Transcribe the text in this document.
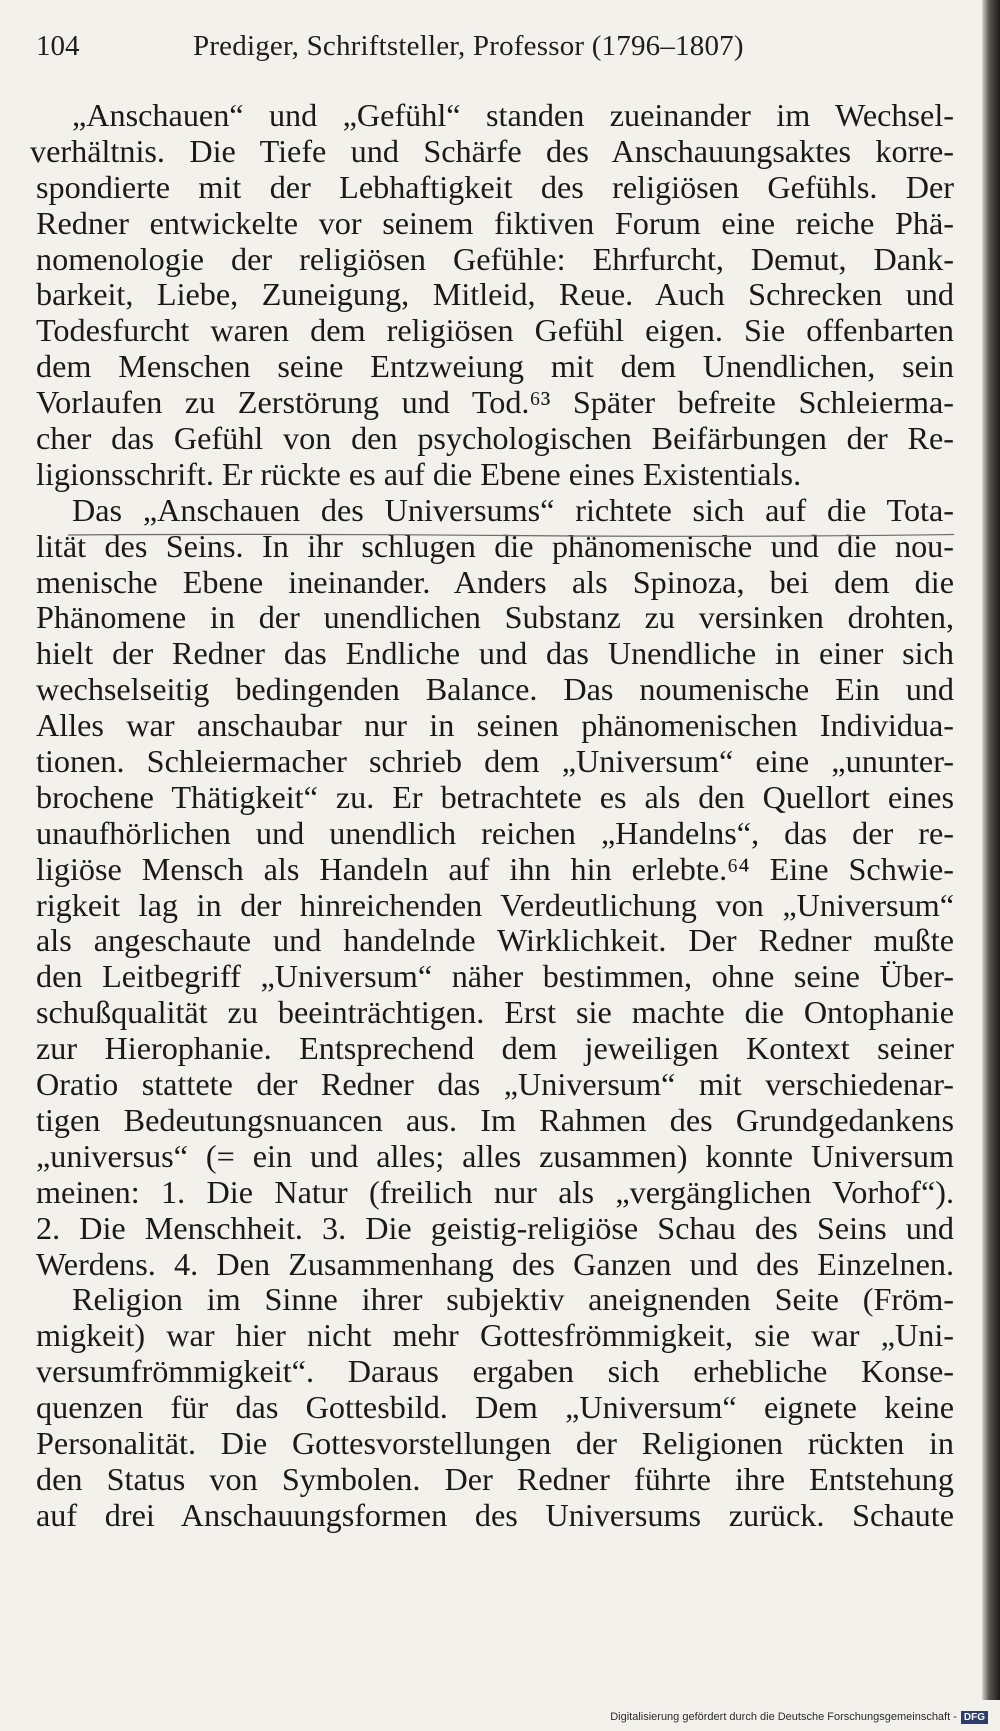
104	Prediger, Schriftsteller, Professor (1796–1807)
„Anschauen“ und „Gefühl“ standen zueinander im Wechsel-
verhältnis. Die Tiefe und Schärfe des Anschauungsaktes korre-
spondierte mit der Lebhaftigkeit des religiösen Gefühls. Der
Redner entwickelte vor seinem fiktiven Forum eine reiche Phä-
nomenologie der religiösen Gefühle: Ehrfurcht, Demut, Dank-
barkeit, Liebe, Zuneigung, Mitleid, Reue. Auch Schrecken und
Todesfurcht waren dem religiösen Gefühl eigen. Sie offenbarten
dem Menschen seine Entzweiung mit dem Unendlichen, sein
Vorlaufen zu Zerstörung und Tod.⁶³ Später befreite Schleierma-
cher das Gefühl von den psychologischen Beifärbungen der Re-
ligionsschrift. Er rückte es auf die Ebene eines Existentials.
Das „Anschauen des Universums“ richtete sich auf die Tota-
lität des Seins. In ihr schlugen die phänomenische und die nou-
menische Ebene ineinander. Anders als Spinoza, bei dem die
Phänomene in der unendlichen Substanz zu versinken drohten,
hielt der Redner das Endliche und das Unendliche in einer sich
wechselseitig bedingenden Balance. Das noumenische Ein und
Alles war anschaubar nur in seinen phänomenischen Individua-
tionen. Schleiermacher schrieb dem „Universum“ eine „ununter-
brochene Thätigkeit“ zu. Er betrachtete es als den Quellort eines
unaufhörlichen und unendlich reichen „Handelns“, das der re-
ligiöse Mensch als Handeln auf ihn hin erlebte.⁶⁴ Eine Schwie-
rigkeit lag in der hinreichenden Verdeutlichung von „Universum“
als angeschaute und handelnde Wirklichkeit. Der Redner mußte
den Leitbegriff „Universum“ näher bestimmen, ohne seine Über-
schußqualität zu beeinträchtigen. Erst sie machte die Ontophanie
zur Hierophanie. Entsprechend dem jeweiligen Kontext seiner
Oratio stattete der Redner das „Universum“ mit verschiedenar-
tigen Bedeutungsnuancen aus. Im Rahmen des Grundgedankens
„universus“ (= ein und alles; alles zusammen) konnte Universum
meinen: 1. Die Natur (freilich nur als „vergänglichen Vorhof“).
2. Die Menschheit. 3. Die geistig-religiöse Schau des Seins und
Werdens. 4. Den Zusammenhang des Ganzen und des Einzelnen.
Religion im Sinne ihrer subjektiv aneignenden Seite (Fröm-
migkeit) war hier nicht mehr Gottesfrömmigkeit, sie war „Uni-
versumfrömmigkeit“. Daraus ergaben sich erhebliche Konse-
quenzen für das Gottesbild. Dem „Universum“ eignete keine
Personalität. Die Gottesvorstellungen der Religionen rückten in
den Status von Symbolen. Der Redner führte ihre Entstehung
auf drei Anschauungsformen des Universums zurück. Schaute
Digitalisierung gefördert durch die Deutsche Forschungsgemeinschaft - DFG
